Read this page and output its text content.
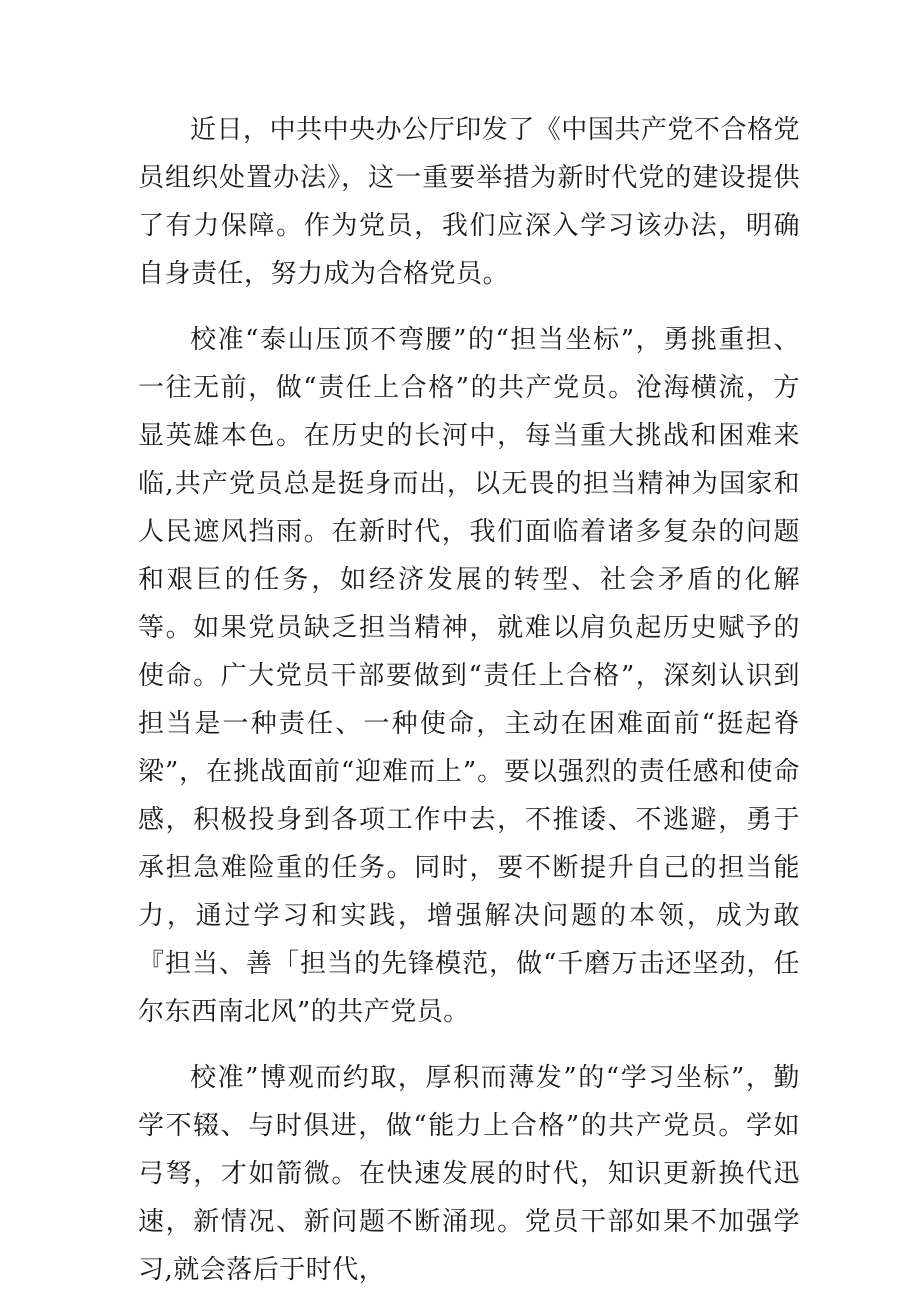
近日，中共中央办公厅印发了《中国共产党不合格党员组织处置办法》，这一重要举措为新时代党的建设提供了有力保障。作为党员，我们应深入学习该办法，明确自身责任，努力成为合格党员。

校准“泰山压顶不弯腰”的“担当坐标”，勇挑重担、一往无前，做“责任上合格”的共产党员。沧海横流，方显英雄本色。在历史的长河中，每当重大挑战和困难来临,共产党员总是挺身而出，以无畏的担当精神为国家和人民遮风挡雨。在新时代，我们面临着诸多复杂的问题和艰巨的任务，如经济发展的转型、社会矛盾的化解等。如果党员缺乏担当精神，就难以肩负起历史赋予的使命。广大党员干部要做到“责任上合格”，深刻认识到担当是一种责任、一种使命，主动在困难面前“挺起脊梁”，在挑战面前“迎难而上”。要以强烈的责任感和使命感，积极投身到各项工作中去，不推诿、不逃避，勇于承担急难险重的任务。同时，要不断提升自己的担当能力，通过学习和实践，增强解决问题的本领，成为敢『担当、善「担当的先锋模范，做“千磨万击还坚劲，任尔东西南北风”的共产党员。

校准”博观而约取，厚积而薄发”的“学习坐标”，勤学不辍、与时俱进，做“能力上合格”的共产党员。学如弓弩，才如箭微。在快速发展的时代，知识更新换代迅速，新情况、新问题不断涌现。党员干部如果不加强学习,就会落后于时代，
